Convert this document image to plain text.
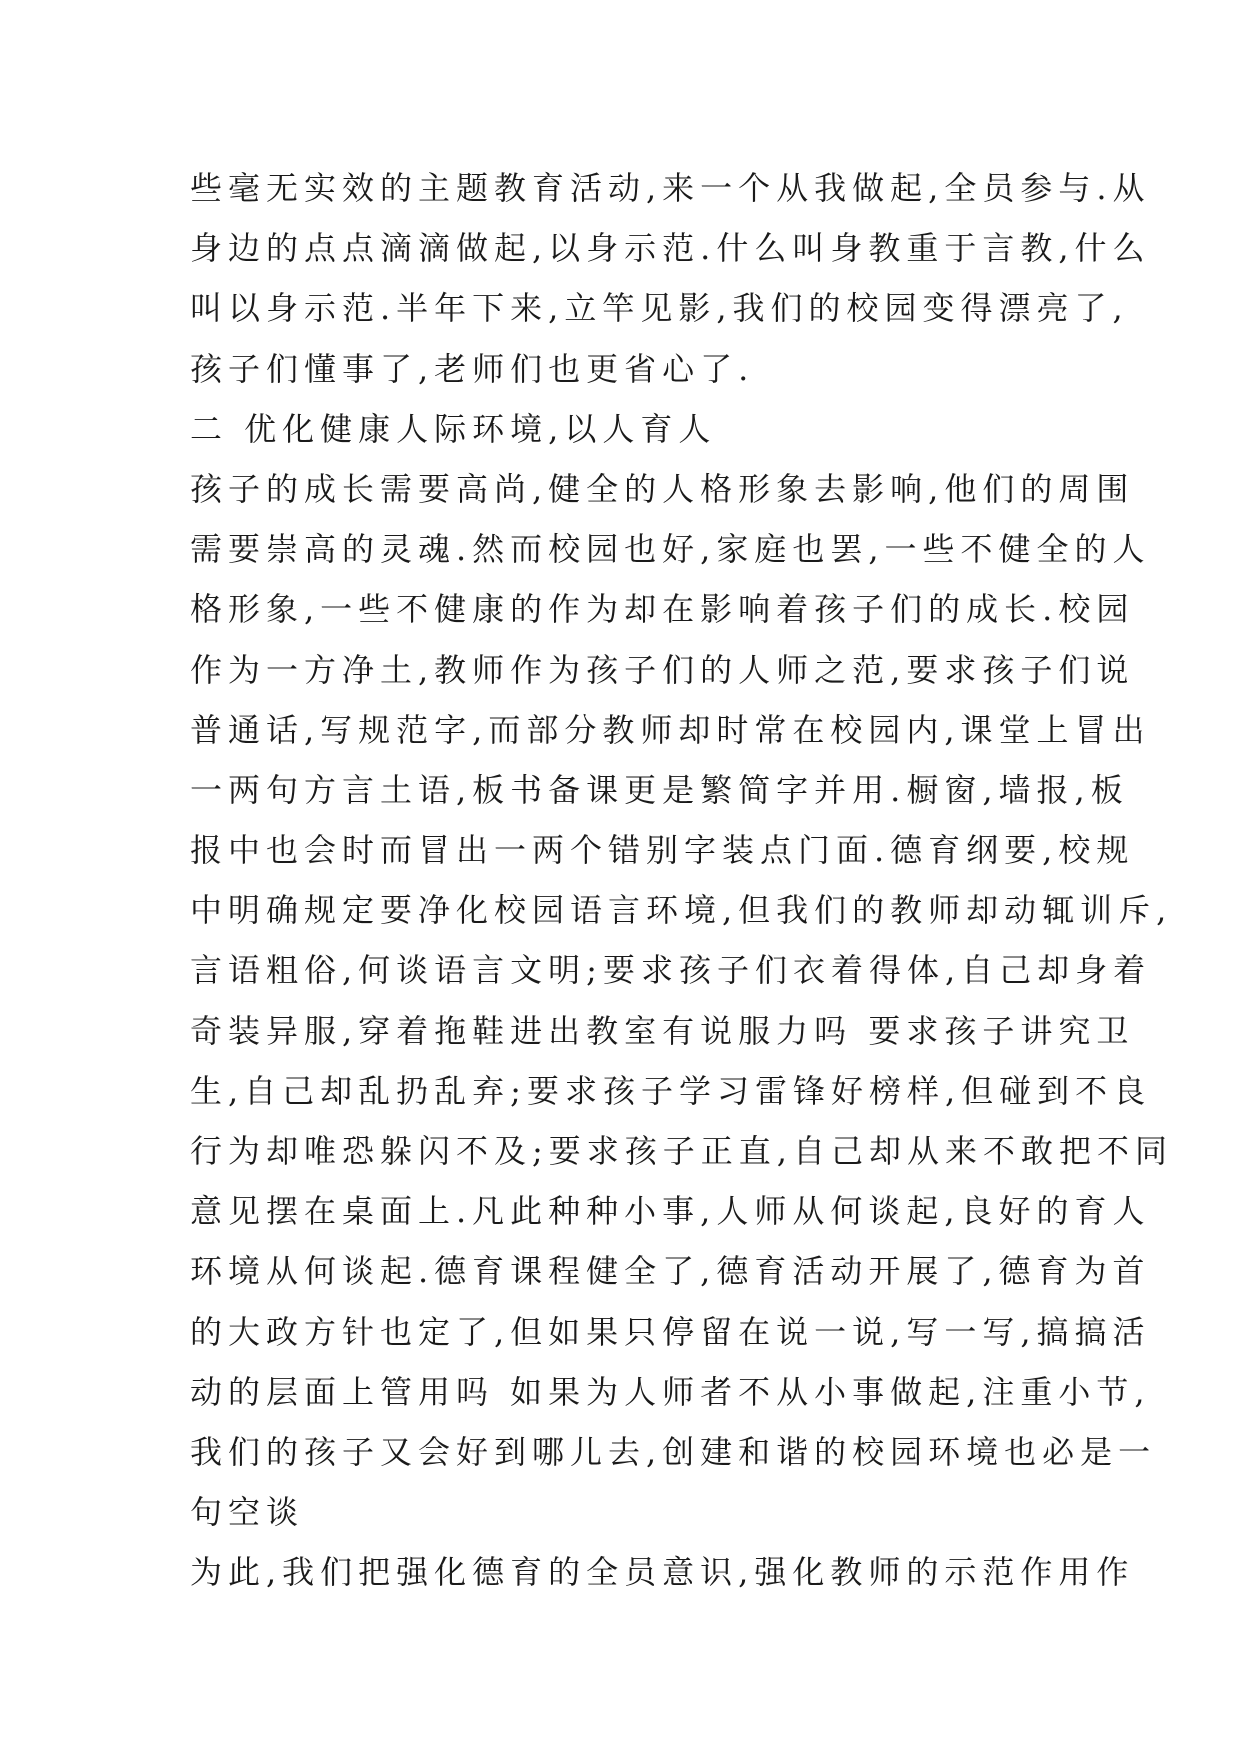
些毫无实效的主题教育活动,来一个从我做起,全员参与.从
身边的点点滴滴做起,以身示范.什么叫身教重于言教,什么
叫以身示范.半年下来,立竿见影,我们的校园变得漂亮了,
孩子们懂事了,老师们也更省心了.
二 优化健康人际环境,以人育人
孩子的成长需要高尚,健全的人格形象去影响,他们的周围
需要崇高的灵魂.然而校园也好,家庭也罢,一些不健全的人
格形象,一些不健康的作为却在影响着孩子们的成长.校园
作为一方净土,教师作为孩子们的人师之范,要求孩子们说
普通话,写规范字,而部分教师却时常在校园内,课堂上冒出
一两句方言土语,板书备课更是繁简字并用.橱窗,墙报,板
报中也会时而冒出一两个错别字装点门面.德育纲要,校规
中明确规定要净化校园语言环境,但我们的教师却动辄训斥,
言语粗俗,何谈语言文明;要求孩子们衣着得体,自己却身着
奇装异服,穿着拖鞋进出教室有说服力吗 要求孩子讲究卫
生,自己却乱扔乱弃;要求孩子学习雷锋好榜样,但碰到不良
行为却唯恐躲闪不及;要求孩子正直,自己却从来不敢把不同
意见摆在桌面上.凡此种种小事,人师从何谈起,良好的育人
环境从何谈起.德育课程健全了,德育活动开展了,德育为首
的大政方针也定了,但如果只停留在说一说,写一写,搞搞活
动的层面上管用吗 如果为人师者不从小事做起,注重小节,
我们的孩子又会好到哪儿去,创建和谐的校园环境也必是一
句空谈
为此,我们把强化德育的全员意识,强化教师的示范作用作
